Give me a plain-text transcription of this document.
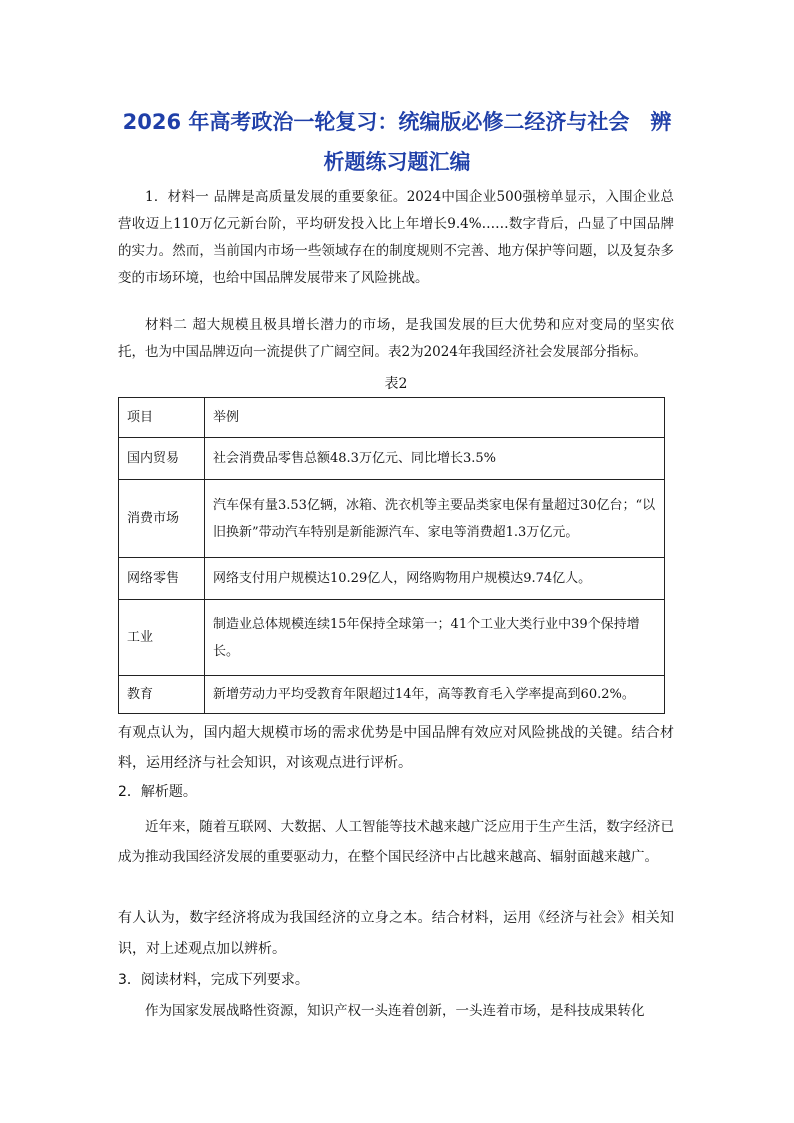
2026 年高考政治一轮复习：统编版必修二经济与社会　辨
析题练习题汇编

1．材料一 品牌是高质量发展的重要象征。2024中国企业500强榜单显示，入围企业总营收迈上110万亿元新台阶，平均研发投入比上年增长9.4%……数字背后，凸显了中国品牌的实力。然而，当前国内市场一些领域存在的制度规则不完善、地方保护等问题，以及复杂多变的市场环境，也给中国品牌发展带来了风险挑战。

材料二 超大规模且极具增长潜力的市场，是我国发展的巨大优势和应对变局的坚实依托，也为中国品牌迈向一流提供了广阔空间。表2为2024年我国经济社会发展部分指标。

表2

项目	举例
国内贸易	社会消费品零售总额48.3万亿元、同比增长3.5%
消费市场	汽车保有量3.53亿辆，冰箱、洗衣机等主要品类家电保有量超过30亿台；“以旧换新”带动汽车特别是新能源汽车、家电等消费超1.3万亿元。
网络零售	网络支付用户规模达10.29亿人，网络购物用户规模达9.74亿人。
工业	制造业总体规模连续15年保持全球第一；41个工业大类行业中39个保持增长。
教育	新增劳动力平均受教育年限超过14年，高等教育毛入学率提高到60.2%。

有观点认为，国内超大规模市场的需求优势是中国品牌有效应对风险挑战的关键。结合材料，运用经济与社会知识，对该观点进行评析。

2．解析题。

近年来，随着互联网、大数据、人工智能等技术越来越广泛应用于生产生活，数字经济已成为推动我国经济发展的重要驱动力，在整个国民经济中占比越来越高、辐射面越来越广。

有人认为，数字经济将成为我国经济的立身之本。结合材料，运用《经济与社会》相关知识，对上述观点加以辨析。

3．阅读材料，完成下列要求。

作为国家发展战略性资源，知识产权一头连着创新，一头连着市场，是科技成果转化
